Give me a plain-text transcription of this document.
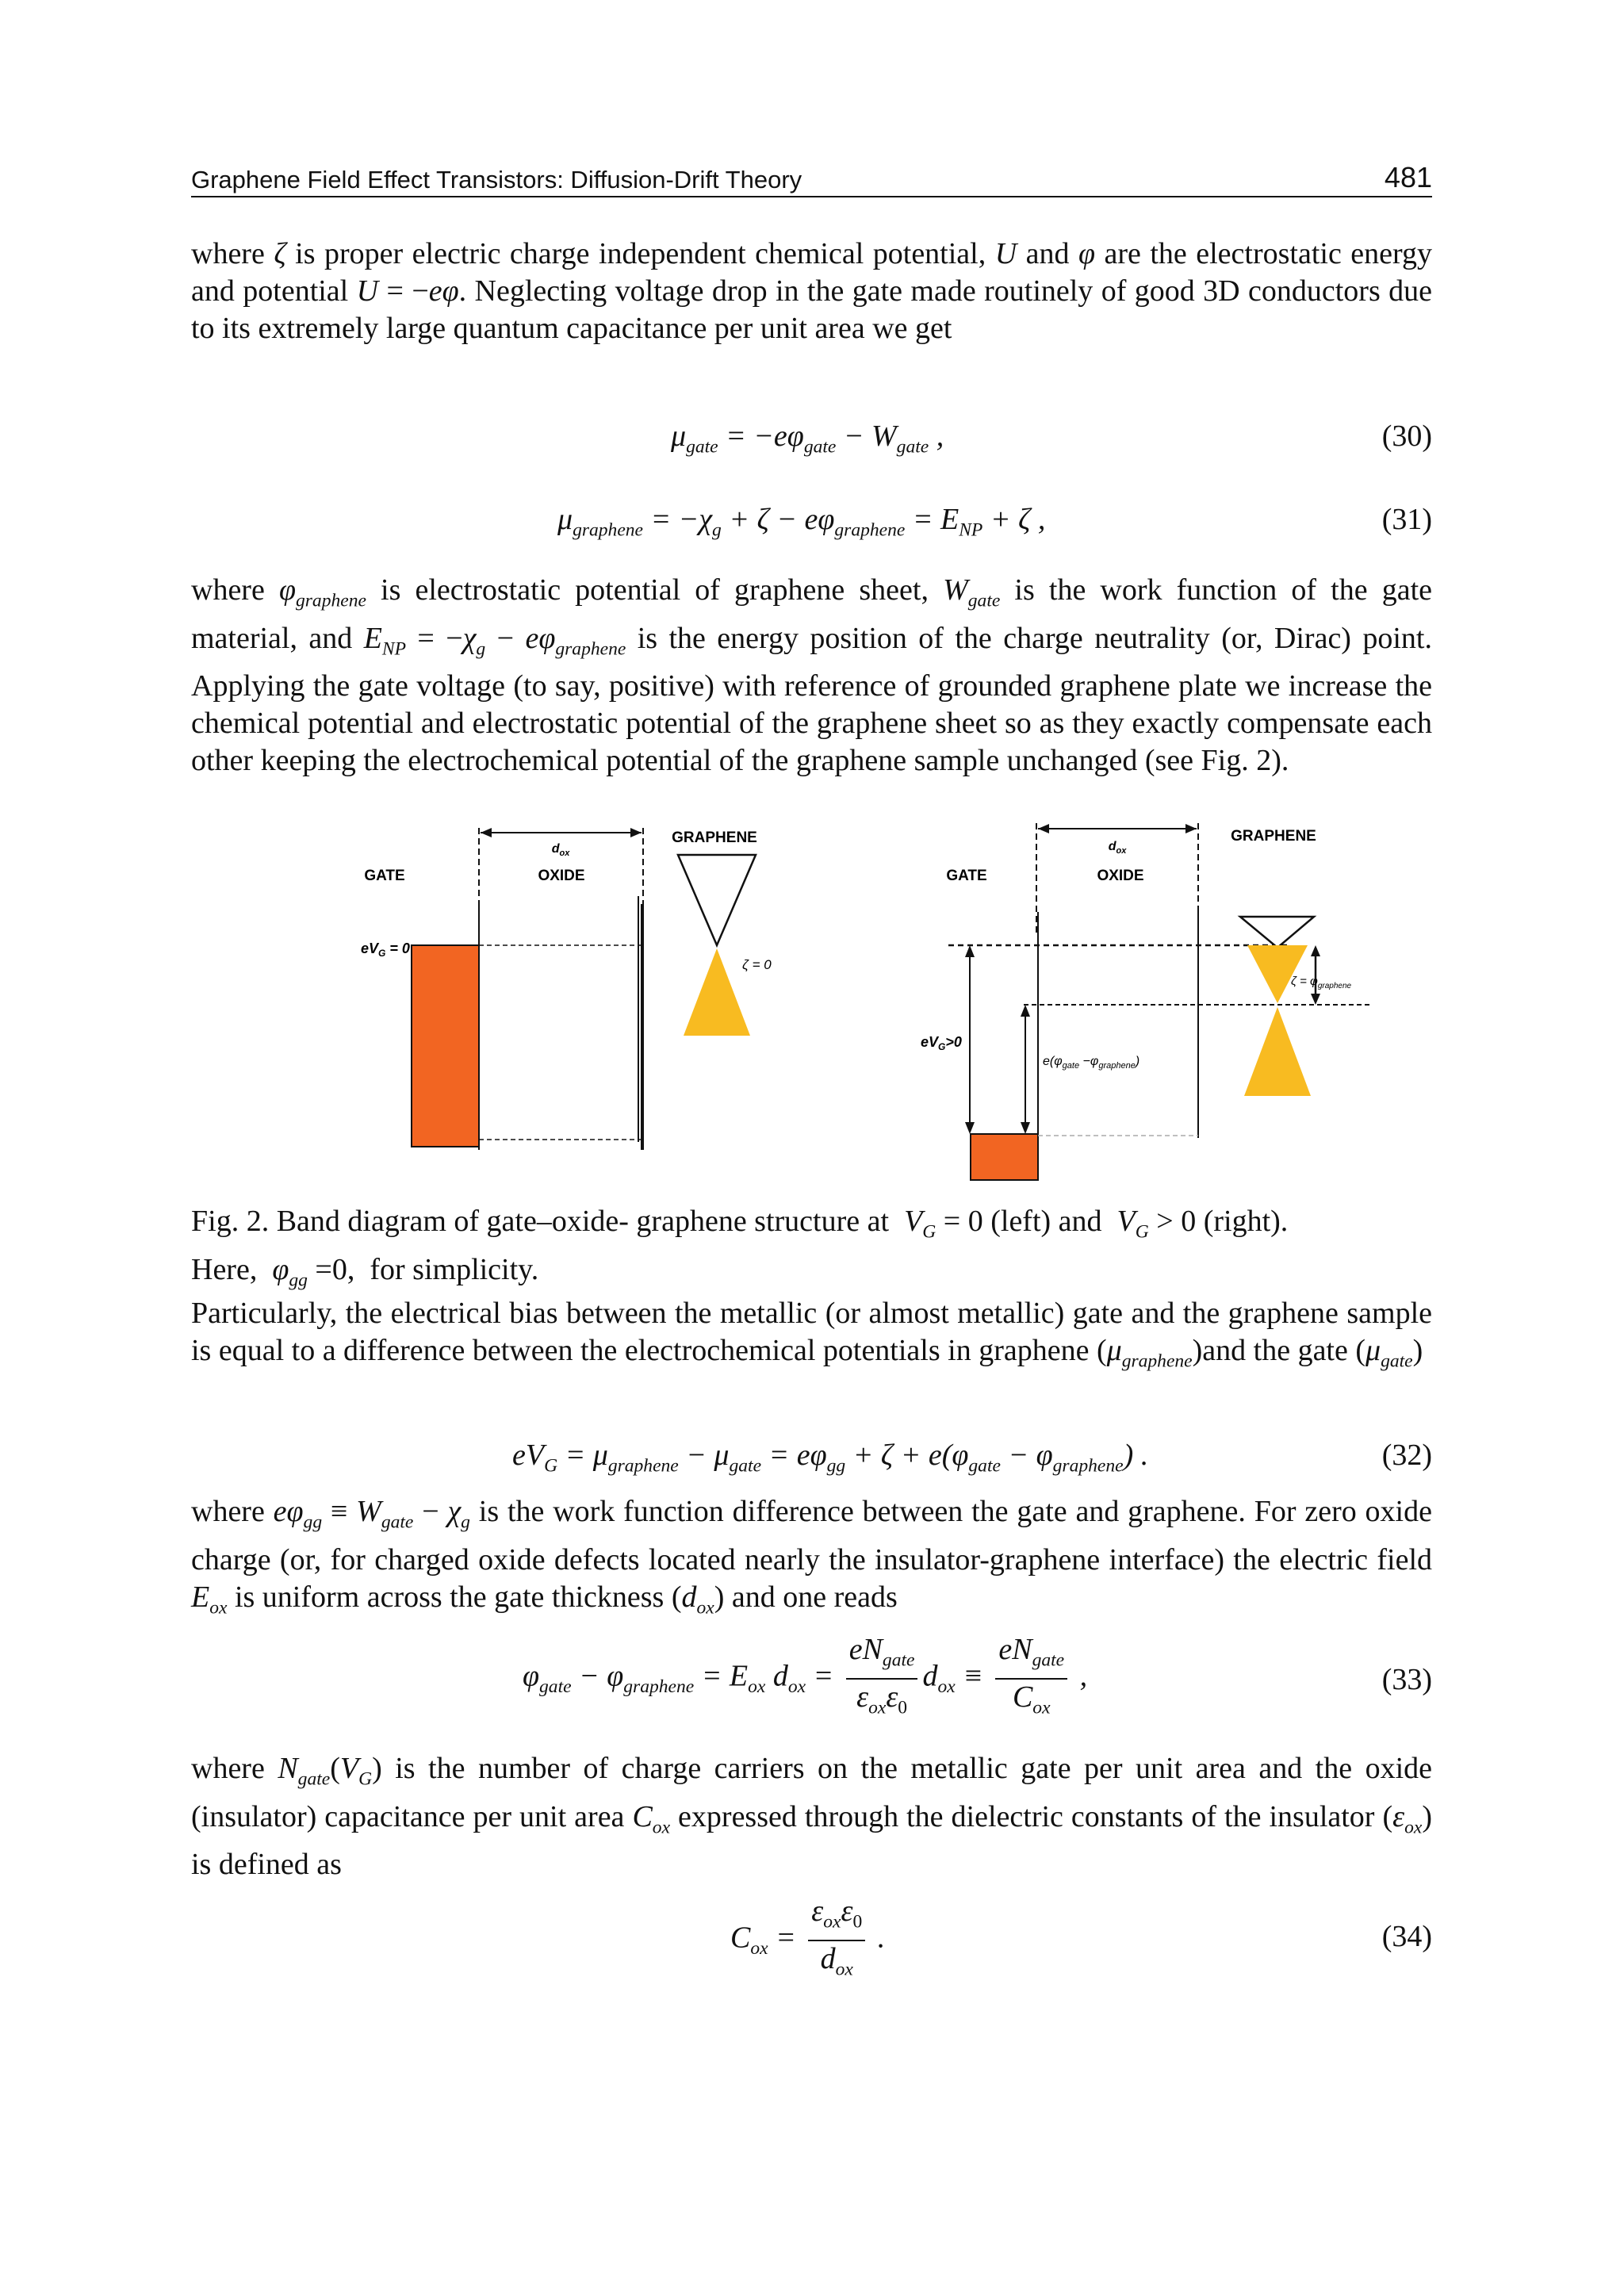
Graphene Field Effect Transistors: Diffusion-Drift Theory	481

where ζ is proper electric charge independent chemical potential, U and φ are the electrostatic energy and potential U = −eφ. Neglecting voltage drop in the gate made routinely of good 3D conductors due to its extremely large quantum capacitance per unit area we get

$\mu_{gate} = -e\varphi_{gate} - W_{gate}$ ,	(30)
$\mu_{graphene} = -\chi_g + \zeta - e\varphi_{graphene} = E_{NP} + \zeta$ ,	(31)

where $\varphi_{graphene}$ is electrostatic potential of graphene sheet, $W_{gate}$ is the work function of the gate material, and $E_{NP} = -\chi_g - e\varphi_{graphene}$ is the energy position of the charge neutrality (or, Dirac) point. Applying the gate voltage (to say, positive) with reference of grounded graphene plate we increase the chemical potential and electrostatic potential of the graphene sheet so as they exactly compensate each other keeping the electrochemical potential of the graphene sample unchanged (see Fig. 2).

GATE	OXIDE
GRAPHENE
$d_{ox}$
$eV_G = 0$
ζ = 0
GATE	OXIDE
GRAPHENE
$d_{ox}$
$eV_G>0$
$e(\varphi_{gate} -\varphi_{graphene})$
$\zeta = \varphi_{graphene}$
Fig. 2. Band diagram of gate–oxide- graphene structure at  $V_G = 0$ (left) and  $V_G > 0$ (right).
Here,  $\varphi_{gg} =0$,  for simplicity.

Particularly, the electrical bias between the metallic (or almost metallic) gate and the graphene sample is equal to a difference between the electrochemical potentials in graphene $(\mu_{graphene})and$ the gate $(\mu_{gate})$

$eV_G = \mu_{graphene} - \mu_{gate} = e\varphi_{gg} + \zeta + e(\varphi_{gate} - \varphi_{graphene})$ .	(32)

where $e\varphi_{gg} \equiv W_{gate} - \chi_g$ is the work function difference between the gate and graphene. For zero oxide charge (or, for charged oxide defects located nearly the insulator-graphene interface) the electric field $E_{ox}$ is uniform across the gate thickness $(d_{ox})$ and one reads

$\varphi_{gate} - \varphi_{graphene} = E_{ox}$ $d_{ox} = \frac{eN_{gate}}{\varepsilon_{ox}\varepsilon_0} d_{ox} \equiv \frac{eN_{gate}}{C_{ox}}$ ,	(33)

where $N_{gate}(V_G)$ is the number of charge carriers on the metallic gate per unit area and the oxide (insulator) capacitance per unit area $C_{ox}$ expressed through the dielectric constants of the insulator $(\varepsilon_{ox})$ is defined as

$C_{ox} = \frac{\varepsilon_{ox}\varepsilon_0}{d_{ox}}$ .	(34)
